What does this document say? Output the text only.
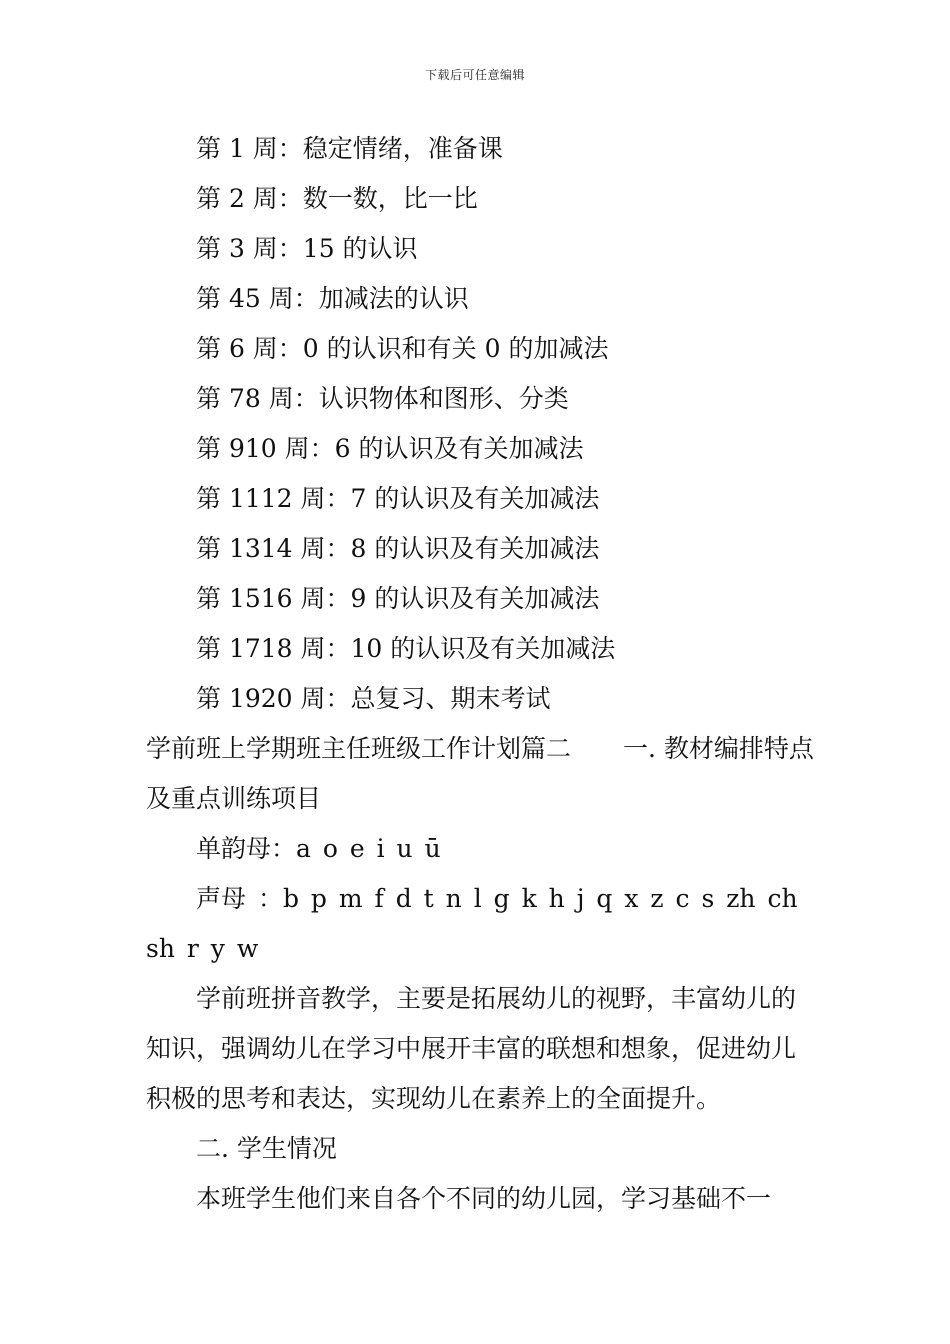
下载后可任意编辑

第 1 周：稳定情绪，准备课

第 2 周：数一数，比一比

第 3 周：15 的认识

第 45 周：加减法的认识

第 6 周：0 的认识和有关 0 的加减法

第 78 周：认识物体和图形、分类

第 910 周：6 的认识及有关加减法

第 1112 周：7 的认识及有关加减法

第 1314 周：8 的认识及有关加减法

第 1516 周：9 的认识及有关加减法

第 1718 周：10 的认识及有关加减法

第 1920 周：总复习、期末考试

学前班上学期班主任班级工作计划篇二 一. 教材编排特点及重点训练项目

单韵母：a o e i u ū

声母 ：b p m f d t n l g k h j q x z c s zh ch sh r y w

学前班拼音教学，主要是拓展幼儿的视野，丰富幼儿的知识，强调幼儿在学习中展开丰富的联想和想象，促进幼儿积极的思考和表达，实现幼儿在素养上的全面提升。

二. 学生情况

本班学生他们来自各个不同的幼儿园，学习基础不一
